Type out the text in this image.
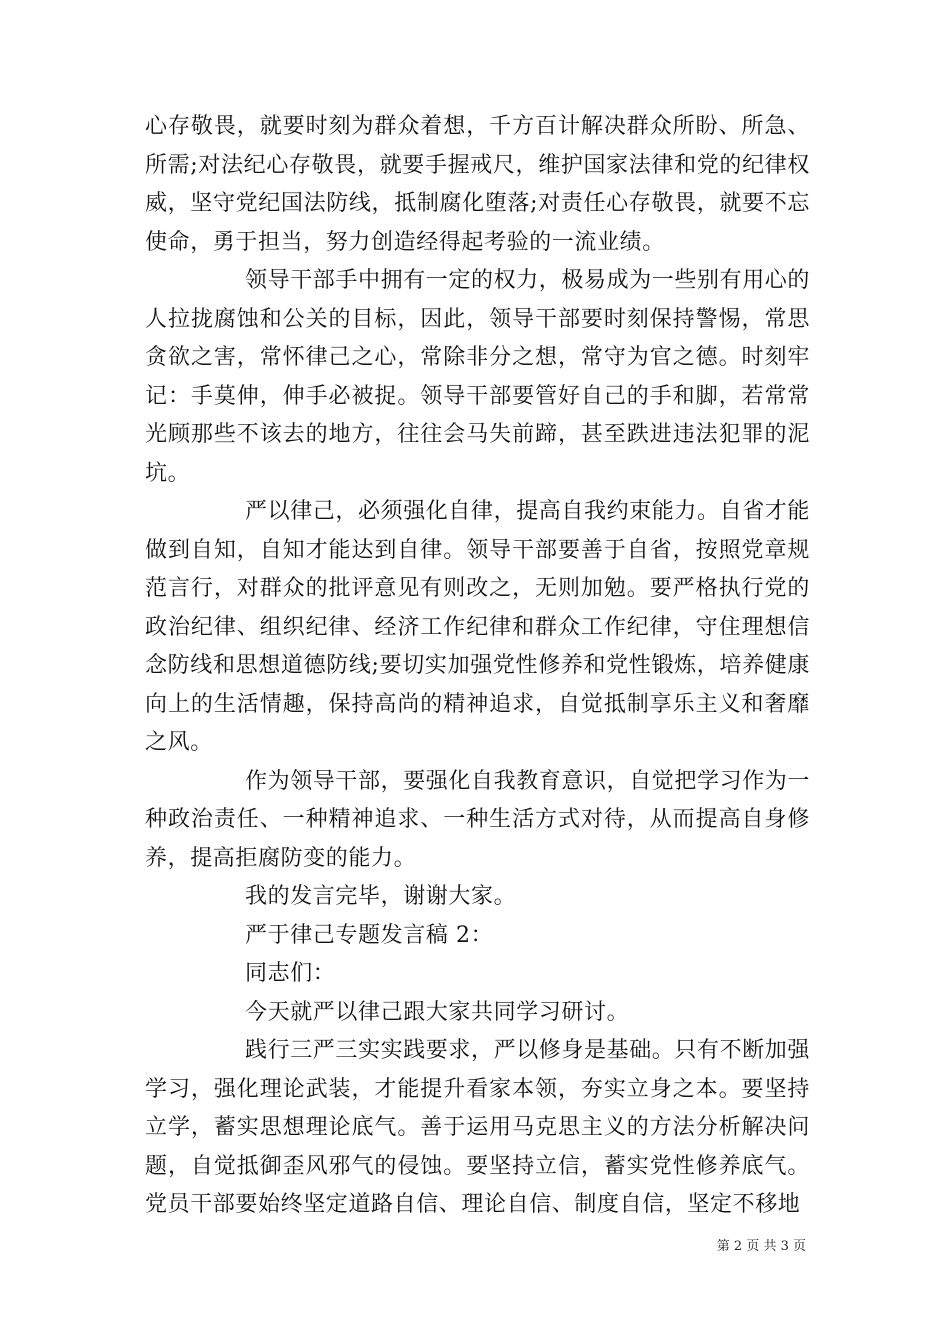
心存敬畏，就要时刻为群众着想，千方百计解决群众所盼、所急、所需;对法纪心存敬畏，就要手握戒尺，维护国家法律和党的纪律权威，坚守党纪国法防线，抵制腐化堕落;对责任心存敬畏，就要不忘使命，勇于担当，努力创造经得起考验的一流业绩。

领导干部手中拥有一定的权力，极易成为一些别有用心的人拉拢腐蚀和公关的目标，因此，领导干部要时刻保持警惕，常思贪欲之害，常怀律己之心，常除非分之想，常守为官之德。时刻牢记：手莫伸，伸手必被捉。领导干部要管好自己的手和脚，若常常光顾那些不该去的地方，往往会马失前蹄，甚至跌进违法犯罪的泥坑。

严以律己，必须强化自律，提高自我约束能力。自省才能做到自知，自知才能达到自律。领导干部要善于自省，按照党章规范言行，对群众的批评意见有则改之，无则加勉。要严格执行党的政治纪律、组织纪律、经济工作纪律和群众工作纪律，守住理想信念防线和思想道德防线;要切实加强党性修养和党性锻炼，培养健康向上的生活情趣，保持高尚的精神追求，自觉抵制享乐主义和奢靡之风。

作为领导干部，要强化自我教育意识，自觉把学习作为一种政治责任、一种精神追求、一种生活方式对待，从而提高自身修养，提高拒腐防变的能力。

我的发言完毕，谢谢大家。

严于律己专题发言稿 2：

同志们：

今天就严以律己跟大家共同学习研讨。

践行三严三实实践要求，严以修身是基础。只有不断加强学习，强化理论武装，才能提升看家本领，夯实立身之本。要坚持立学，蓄实思想理论底气。善于运用马克思主义的方法分析解决问题，自觉抵御歪风邪气的侵蚀。要坚持立信，蓄实党性修养底气。党员干部要始终坚定道路自信、理论自信、制度自信，坚定不移地

第 2 页 共 3 页
